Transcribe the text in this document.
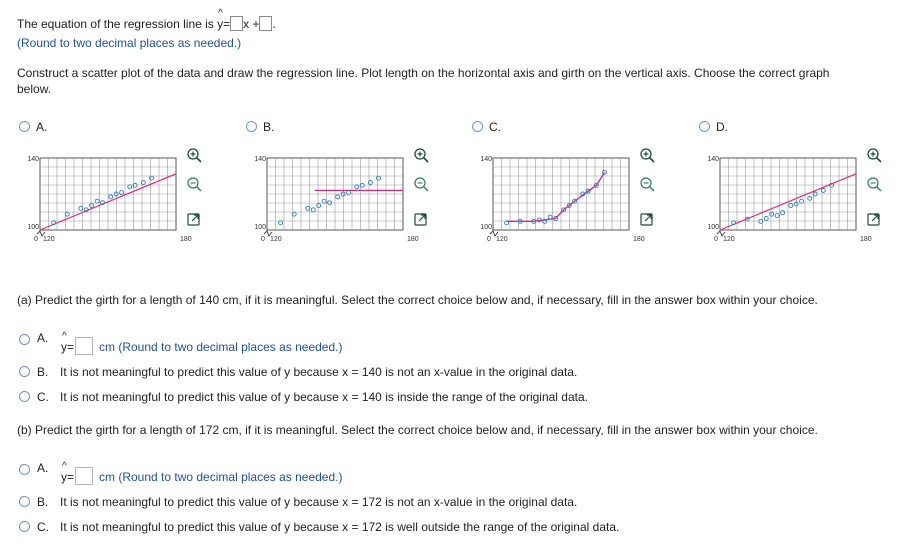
The equation of the regression line is ^ y= x + .
(Round to two decimal places as needed.)
Construct a scatter plot of the data and draw the regression line. Plot length on the horizontal axis and girth on the vertical axis. Choose the correct graph
below.
A.	B.	C.	D.
140
100
0 120	180
140
100
0 120	180
140
100
0 120	180
140
100
0 120	180
(a) Predict the girth for a length of 140 cm, if it is meaningful. Select the correct choice below and, if necessary, fill in the answer box within your choice.
A.
^ y= cm (Round to two decimal places as needed.)
B. It is not meaningful to predict this value of y because x = 140 is not an x-value in the original data.
C. It is not meaningful to predict this value of y because x = 140 is inside the range of the original data.
(b) Predict the girth for a length of 172 cm, if it is meaningful. Select the correct choice below and, if necessary, fill in the answer box within your choice.
A.
^ y= cm (Round to two decimal places as needed.)
B. It is not meaningful to predict this value of y because x = 172 is not an x-value in the original data.
C. It is not meaningful to predict this value of y because x = 172 is well outside the range of the original data.
